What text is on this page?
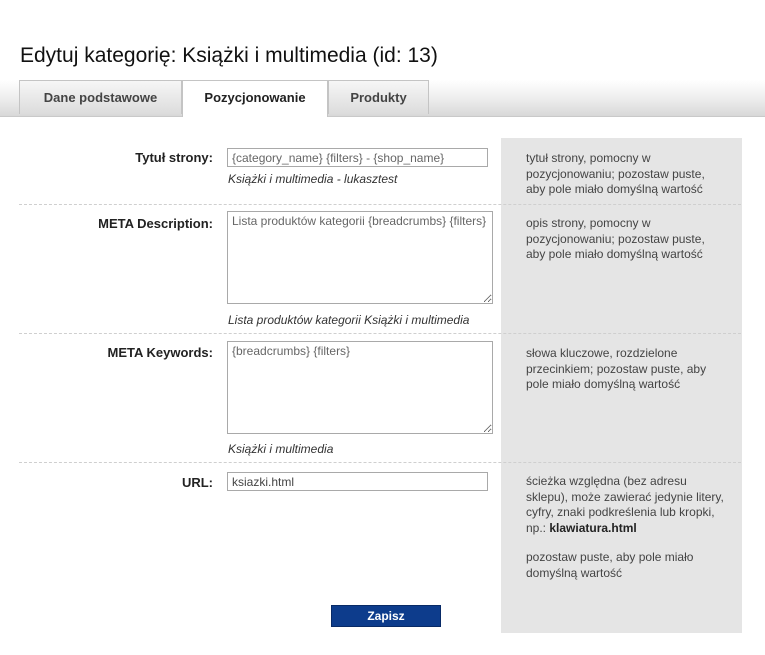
Edytuj kategorię: Książki i multimedia (id: 13)
Dane podstawowe	Pozycjonowanie	Produkty
tytuł strony, pomocny w pozycjonowaniu; pozostaw puste, aby pole miało domyślną wartość
opis strony, pomocny w pozycjonowaniu; pozostaw puste, aby pole miało domyślną wartość
słowa kluczowe, rozdzielone przecinkiem; pozostaw puste, aby pole miało domyślną wartość
ścieżka względna (bez adresu sklepu), może zawierać jedynie litery, cyfry, znaki podkreślenia lub kropki, np.: klawiatura.html
pozostaw puste, aby pole miało domyślną wartość
Tytuł strony:
{category_name} {filters} - {shop_name}
Książki i multimedia - lukasztest
META Description:
Lista produktów kategorii {breadcrumbs} {filters}
Lista produktów kategorii Książki i multimedia
META Keywords:
{breadcrumbs} {filters}
Książki i multimedia
URL:
ksiazki.html
Zapisz
